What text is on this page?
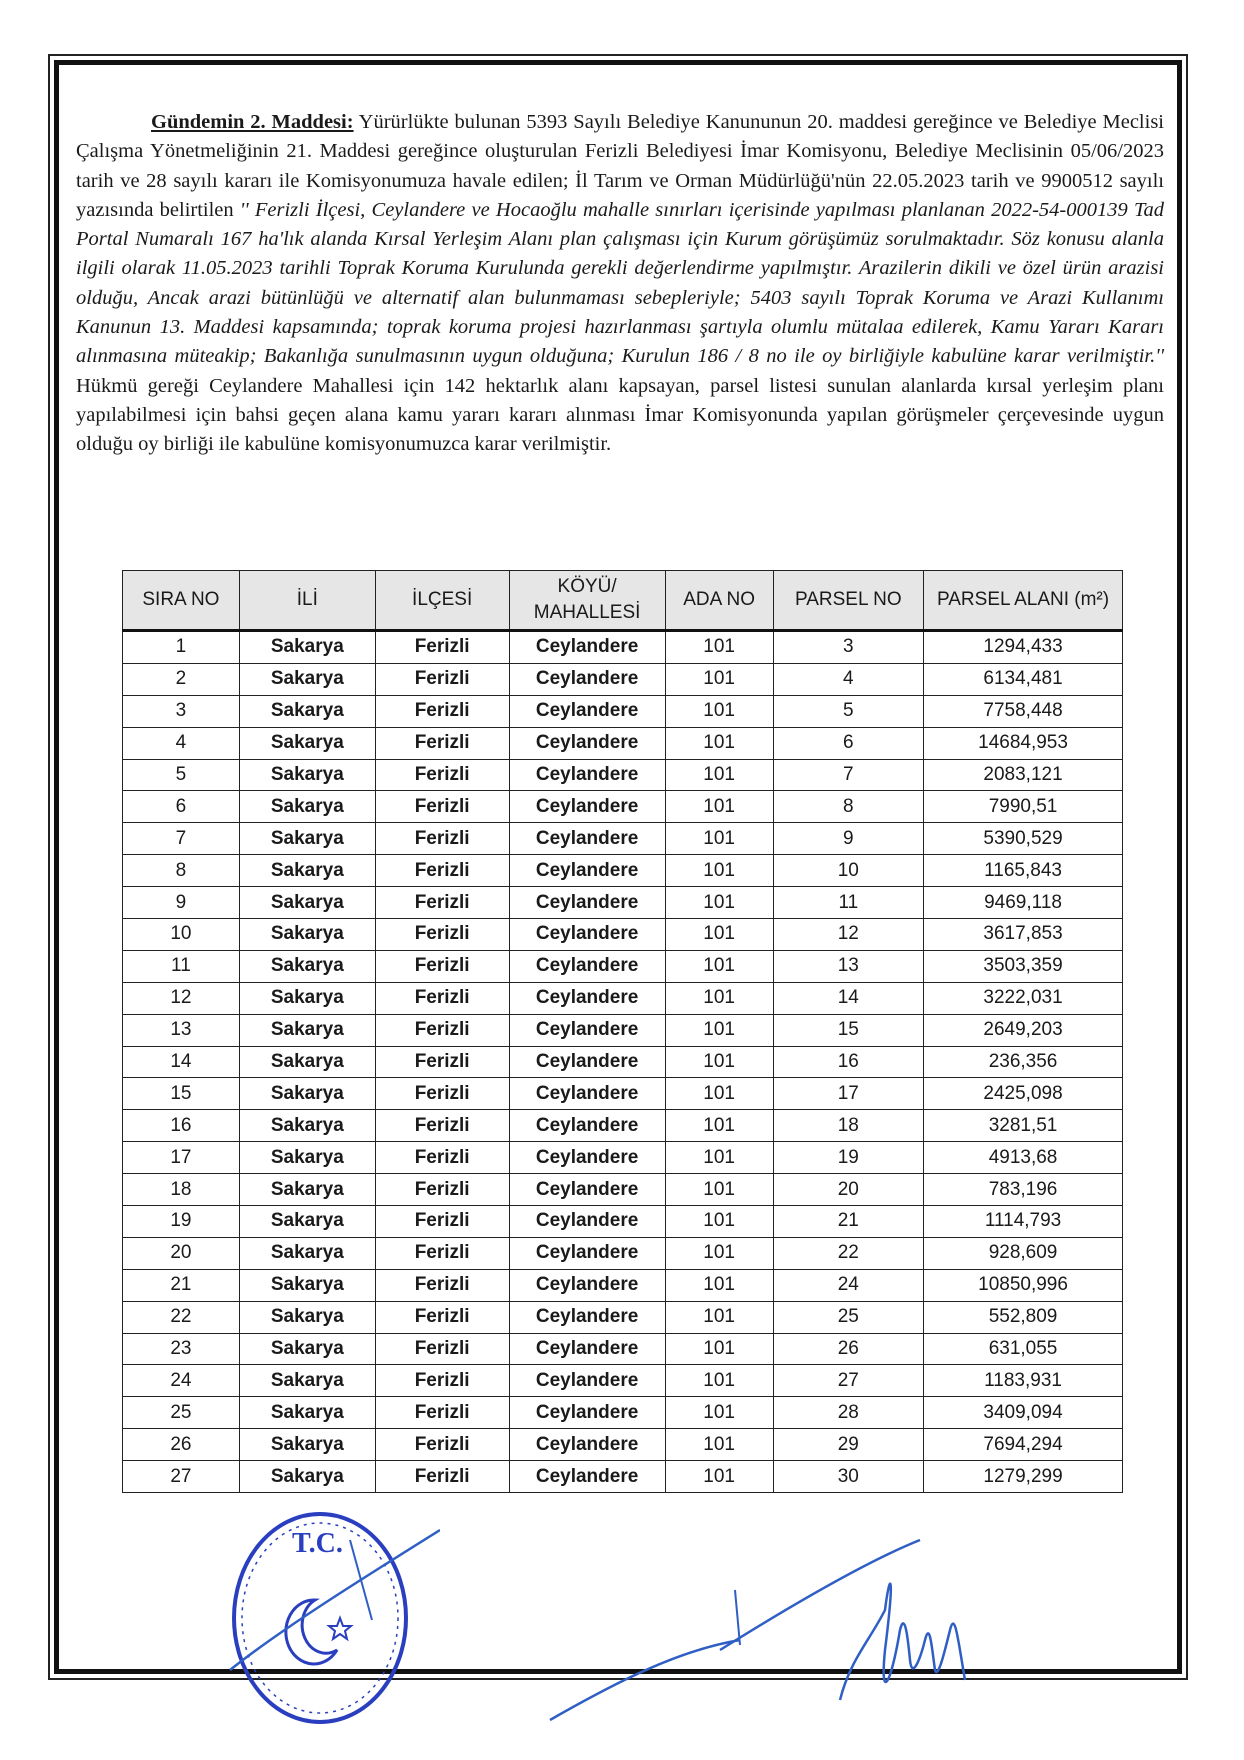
Gündemin 2. Maddesi: Yürürlükte bulunan 5393 Sayılı Belediye Kanununun 20. maddesi gereğince ve Belediye Meclisi Çalışma Yönetmeliğinin 21. Maddesi gereğince oluşturulan Ferizli Belediyesi İmar Komisyonu, Belediye Meclisinin 05/06/2023 tarih ve 28 sayılı kararı ile Komisyonumuza havale edilen; İl Tarım ve Orman Müdürlüğü'nün 22.05.2023 tarih ve 9900512 sayılı yazısında belirtilen '' Ferizli İlçesi, Ceylandere ve Hocaoğlu mahalle sınırları içerisinde yapılması planlanan 2022-54-000139 Tad Portal Numaralı 167 ha'lık alanda Kırsal Yerleşim Alanı plan çalışması için Kurum görüşümüz sorulmaktadır. Söz konusu alanla ilgili olarak 11.05.2023 tarihli Toprak Koruma Kurulunda gerekli değerlendirme yapılmıştır. Arazilerin dikili ve özel ürün arazisi olduğu, Ancak arazi bütünlüğü ve alternatif alan bulunmaması sebepleriyle; 5403 sayılı Toprak Koruma ve Arazi Kullanımı Kanunun 13. Maddesi kapsamında; toprak koruma projesi hazırlanması şartıyla olumlu mütalaa edilerek, Kamu Yararı Kararı alınmasına müteakip; Bakanlığa sunulmasının uygun olduğuna; Kurulun 186 / 8 no ile oy birliğiyle kabulüne karar verilmiştir.'' Hükmü gereği Ceylandere Mahallesi için 142 hektarlık alanı kapsayan, parsel listesi sunulan alanlarda kırsal yerleşim planı yapılabilmesi için bahsi geçen alana kamu yararı kararı alınması İmar Komisyonunda yapılan görüşmeler çerçevesinde uygun olduğu oy birliği ile kabulüne komisyonumuzca karar verilmiştir.

SIRA NO	İLİ	İLÇESİ	KÖYÜ/ MAHALLESİ	ADA NO	PARSEL NO	PARSEL ALANI (m²)
1	Sakarya	Ferizli	Ceylandere	101	3	1294,433
2	Sakarya	Ferizli	Ceylandere	101	4	6134,481
3	Sakarya	Ferizli	Ceylandere	101	5	7758,448
4	Sakarya	Ferizli	Ceylandere	101	6	14684,953
5	Sakarya	Ferizli	Ceylandere	101	7	2083,121
6	Sakarya	Ferizli	Ceylandere	101	8	7990,51
7	Sakarya	Ferizli	Ceylandere	101	9	5390,529
8	Sakarya	Ferizli	Ceylandere	101	10	1165,843
9	Sakarya	Ferizli	Ceylandere	101	11	9469,118
10	Sakarya	Ferizli	Ceylandere	101	12	3617,853
11	Sakarya	Ferizli	Ceylandere	101	13	3503,359
12	Sakarya	Ferizli	Ceylandere	101	14	3222,031
13	Sakarya	Ferizli	Ceylandere	101	15	2649,203
14	Sakarya	Ferizli	Ceylandere	101	16	236,356
15	Sakarya	Ferizli	Ceylandere	101	17	2425,098
16	Sakarya	Ferizli	Ceylandere	101	18	3281,51
17	Sakarya	Ferizli	Ceylandere	101	19	4913,68
18	Sakarya	Ferizli	Ceylandere	101	20	783,196
19	Sakarya	Ferizli	Ceylandere	101	21	1114,793
20	Sakarya	Ferizli	Ceylandere	101	22	928,609
21	Sakarya	Ferizli	Ceylandere	101	24	10850,996
22	Sakarya	Ferizli	Ceylandere	101	25	552,809
23	Sakarya	Ferizli	Ceylandere	101	26	631,055
24	Sakarya	Ferizli	Ceylandere	101	27	1183,931
25	Sakarya	Ferizli	Ceylandere	101	28	3409,094
26	Sakarya	Ferizli	Ceylandere	101	29	7694,294
27	Sakarya	Ferizli	Ceylandere	101	30	1279,299
T.C.
